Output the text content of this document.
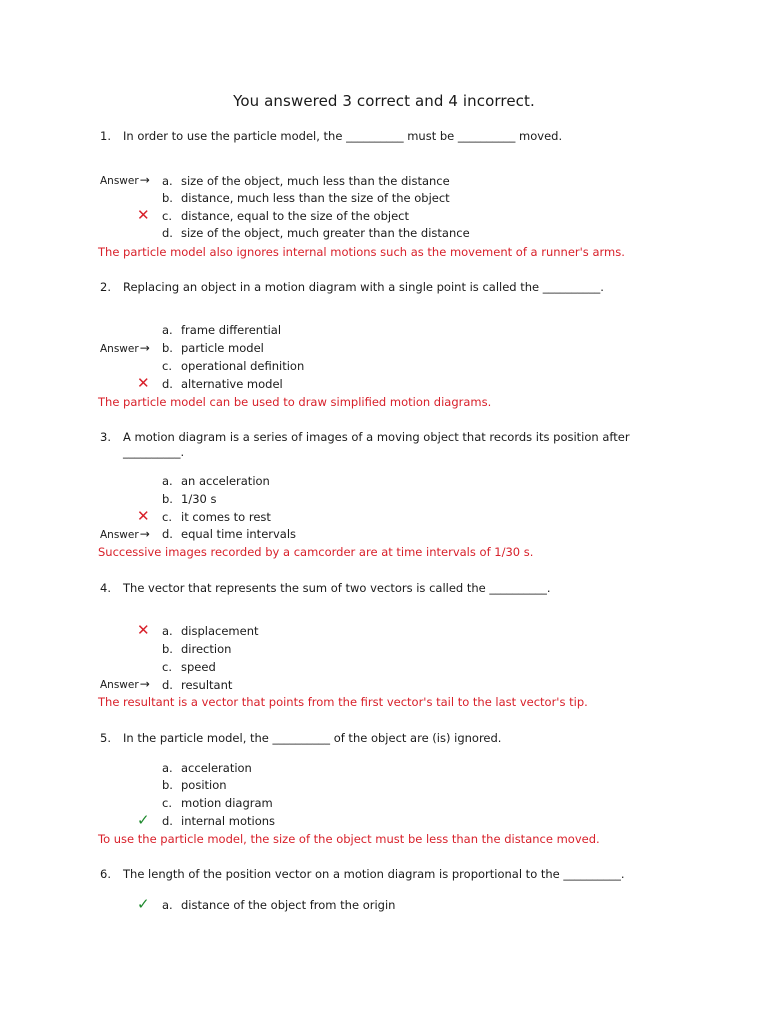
You answered 3 correct and 4 incorrect.
1. In order to use the particle model, the __________ must be __________ moved.
Answer→ a. size of the object, much less than the distance
b. distance, much less than the size of the object
✕ c. distance, equal to the size of the object
d. size of the object, much greater than the distance
The particle model also ignores internal motions such as the movement of a runner's arms.
2. Replacing an object in a motion diagram with a single point is called the __________.
a. frame differential
Answer→ b. particle model
c. operational definition
✕ d. alternative model
The particle model can be used to draw simplified motion diagrams.
3. A motion diagram is a series of images of a moving object that records its position after __________.
a. an acceleration
b. 1/30 s
✕ c. it comes to rest
Answer→ d. equal time intervals
Successive images recorded by a camcorder are at time intervals of 1/30 s.
4. The vector that represents the sum of two vectors is called the __________.
✕ a. displacement
b. direction
c. speed
Answer→ d. resultant
The resultant is a vector that points from the first vector's tail to the last vector's tip.
5. In the particle model, the __________ of the object are (is) ignored.
a. acceleration
b. position
c. motion diagram
✓ d. internal motions
To use the particle model, the size of the object must be less than the distance moved.
6. The length of the position vector on a motion diagram is proportional to the __________.
✓ a. distance of the object from the origin
